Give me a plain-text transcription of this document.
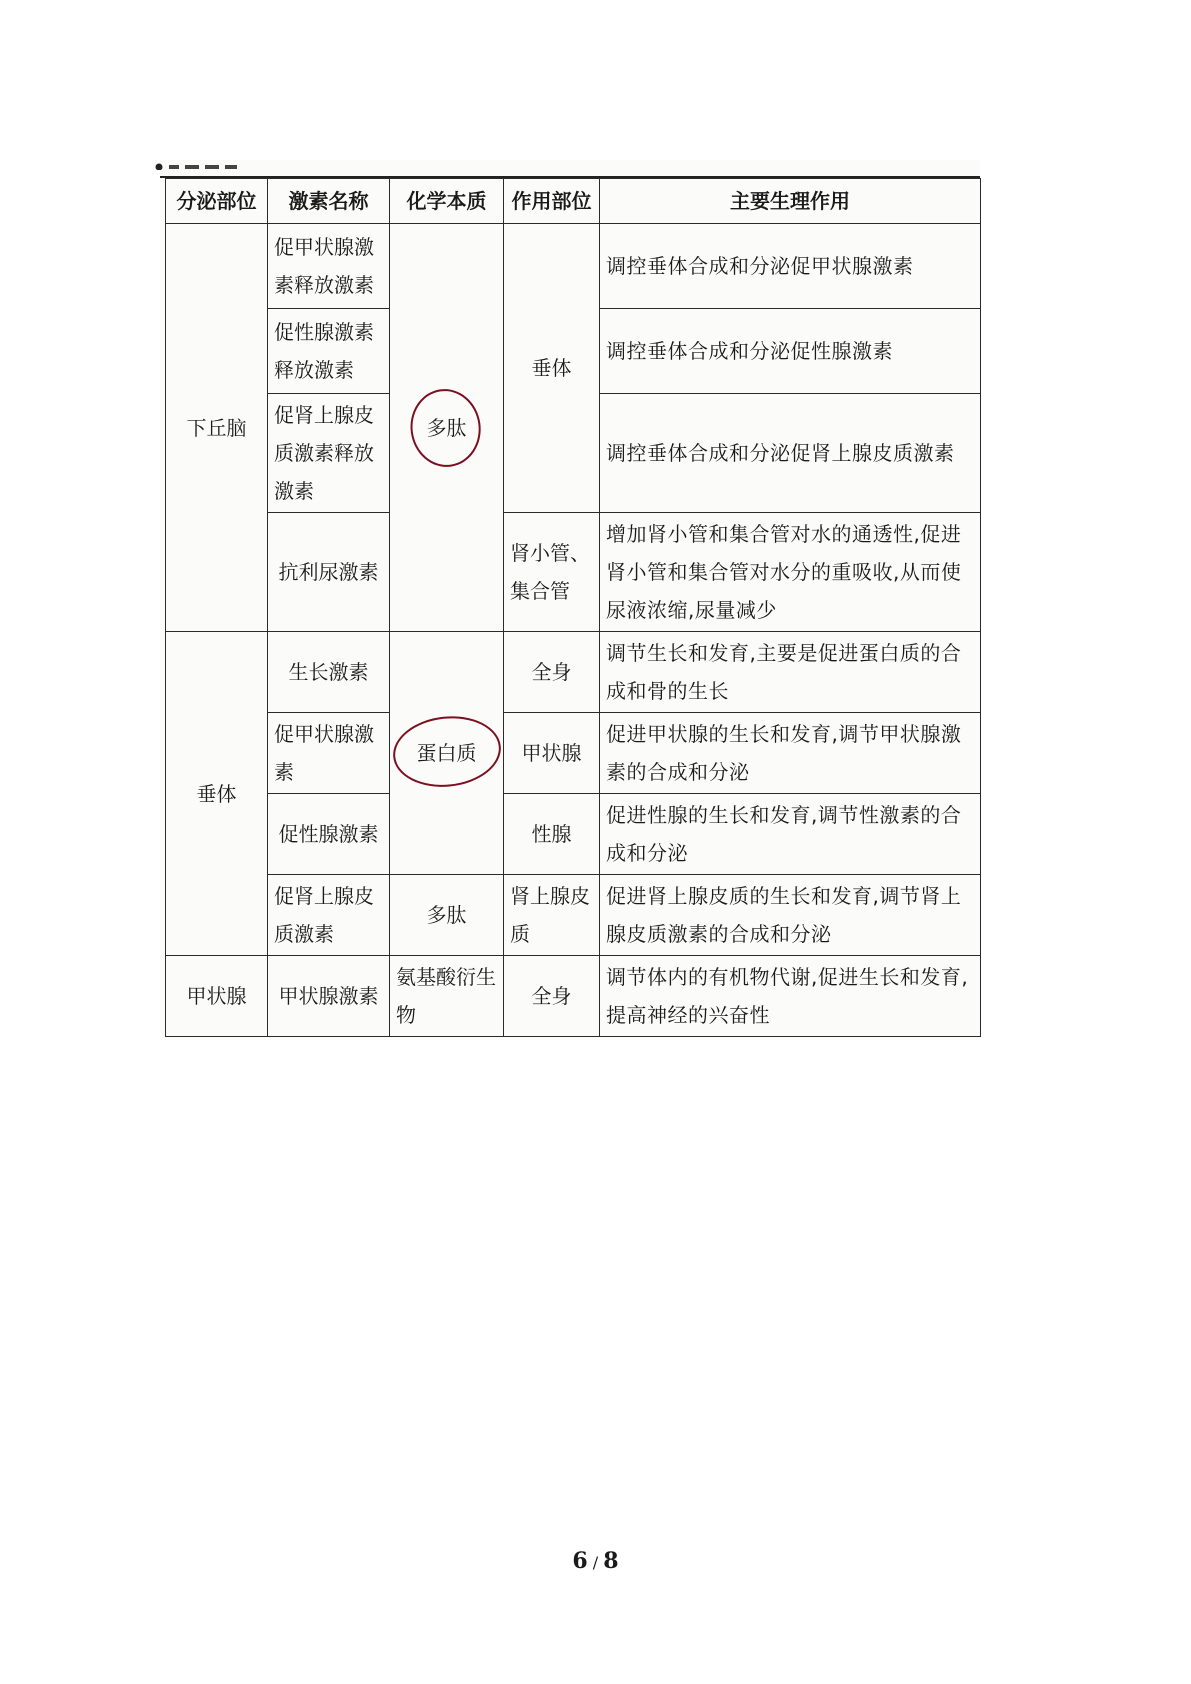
分泌部位	激素名称	化学本质	作用部位	主要生理作用
下丘脑	促甲状腺激素释放激素	多肽	垂体	调控垂体合成和分泌促甲状腺激素
	促性腺激素释放激素			调控垂体合成和分泌促性腺激素
	促肾上腺皮质激素释放激素			调控垂体合成和分泌促肾上腺皮质激素
	抗利尿激素		肾小管、集合管	增加肾小管和集合管对水的通透性,促进肾小管和集合管对水分的重吸收,从而使尿液浓缩,尿量减少
垂体	生长激素	蛋白质	全身	调节生长和发育,主要是促进蛋白质的合成和骨的生长
	促甲状腺激素		甲状腺	促进甲状腺的生长和发育,调节甲状腺激素的合成和分泌
	促性腺激素		性腺	促进性腺的生长和发育,调节性激素的合成和分泌
	促肾上腺皮质激素	多肽	肾上腺皮质	促进肾上腺皮质的生长和发育,调节肾上腺皮质激素的合成和分泌
甲状腺	甲状腺激素	氨基酸衍生物	全身	调节体内的有机物代谢,促进生长和发育,提高神经的兴奋性
6 / 8
